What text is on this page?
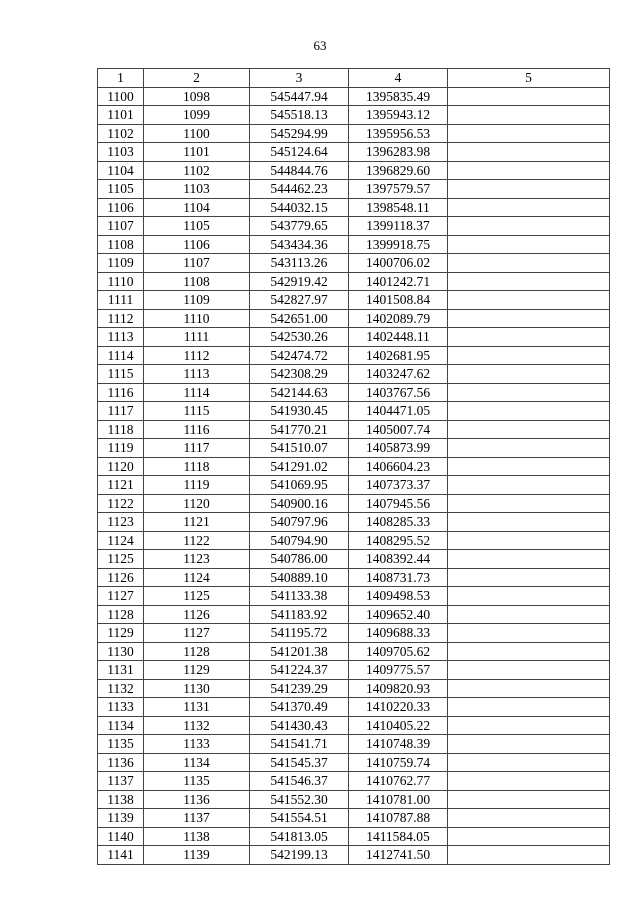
63
1	2	3	4	5
1100	1098	545447.94	1395835.49	
1101	1099	545518.13	1395943.12	
1102	1100	545294.99	1395956.53	
1103	1101	545124.64	1396283.98	
1104	1102	544844.76	1396829.60	
1105	1103	544462.23	1397579.57	
1106	1104	544032.15	1398548.11	
1107	1105	543779.65	1399118.37	
1108	1106	543434.36	1399918.75	
1109	1107	543113.26	1400706.02	
1110	1108	542919.42	1401242.71	
1111	1109	542827.97	1401508.84	
1112	1110	542651.00	1402089.79	
1113	1111	542530.26	1402448.11	
1114	1112	542474.72	1402681.95	
1115	1113	542308.29	1403247.62	
1116	1114	542144.63	1403767.56	
1117	1115	541930.45	1404471.05	
1118	1116	541770.21	1405007.74	
1119	1117	541510.07	1405873.99	
1120	1118	541291.02	1406604.23	
1121	1119	541069.95	1407373.37	
1122	1120	540900.16	1407945.56	
1123	1121	540797.96	1408285.33	
1124	1122	540794.90	1408295.52	
1125	1123	540786.00	1408392.44	
1126	1124	540889.10	1408731.73	
1127	1125	541133.38	1409498.53	
1128	1126	541183.92	1409652.40	
1129	1127	541195.72	1409688.33	
1130	1128	541201.38	1409705.62	
1131	1129	541224.37	1409775.57	
1132	1130	541239.29	1409820.93	
1133	1131	541370.49	1410220.33	
1134	1132	541430.43	1410405.22	
1135	1133	541541.71	1410748.39	
1136	1134	541545.37	1410759.74	
1137	1135	541546.37	1410762.77	
1138	1136	541552.30	1410781.00	
1139	1137	541554.51	1410787.88	
1140	1138	541813.05	1411584.05	
1141	1139	542199.13	1412741.50	
